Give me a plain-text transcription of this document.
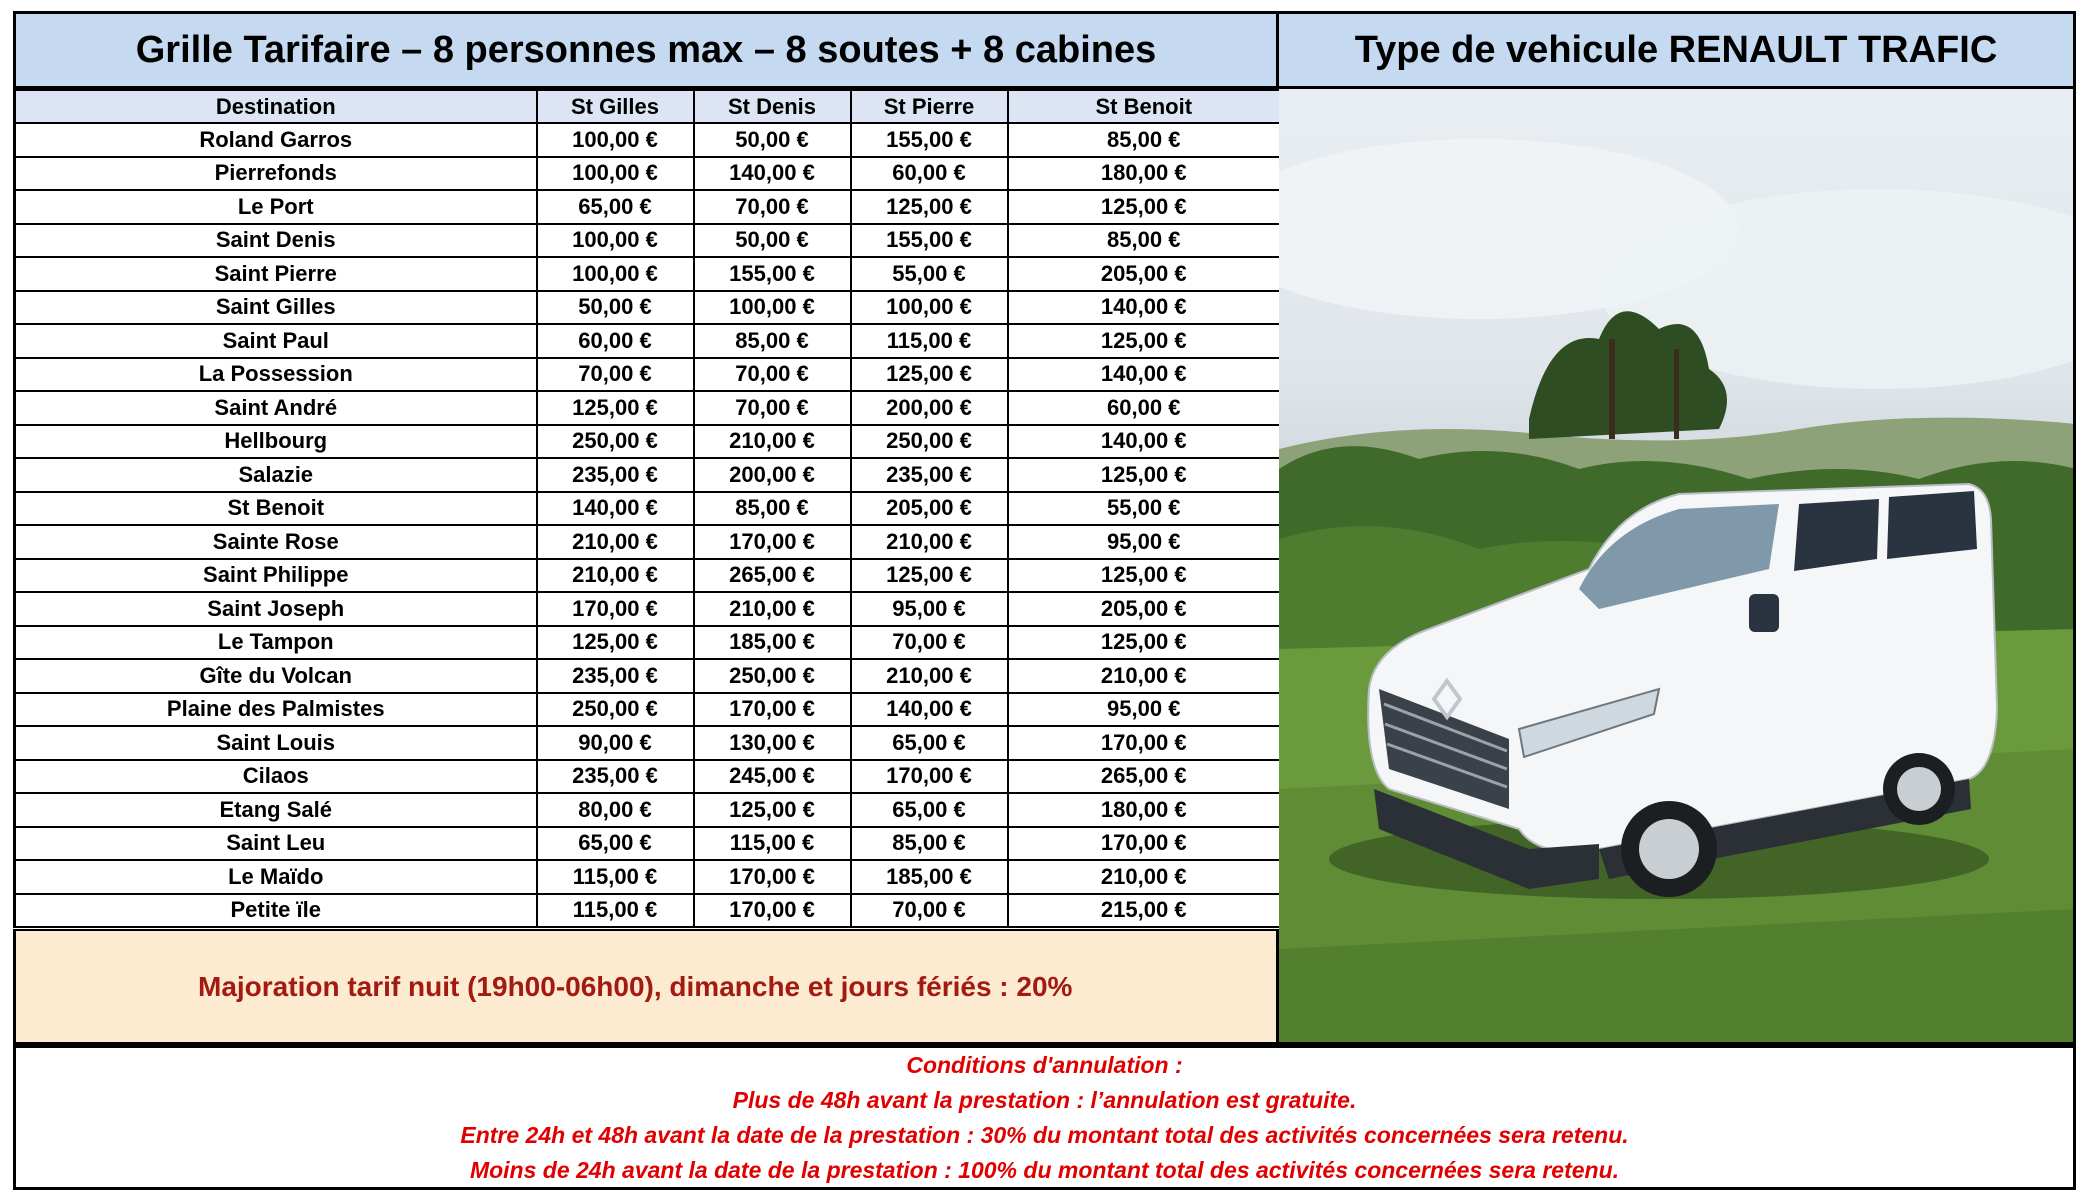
Grille Tarifaire – 8 personnes max – 8 soutes + 8 cabines	Type de vehicule RENAULT TRAFIC
Destination	St Gilles	St Denis	St Pierre	St Benoit
Roland Garros	100,00 €	50,00 €	155,00 €	85,00 €
Pierrefonds	100,00 €	140,00 €	60,00 €	180,00 €
Le Port	65,00 €	70,00 €	125,00 €	125,00 €
Saint Denis	100,00 €	50,00 €	155,00 €	85,00 €
Saint Pierre	100,00 €	155,00 €	55,00 €	205,00 €
Saint Gilles	50,00 €	100,00 €	100,00 €	140,00 €
Saint Paul	60,00 €	85,00 €	115,00 €	125,00 €
La Possession	70,00 €	70,00 €	125,00 €	140,00 €
Saint André	125,00 €	70,00 €	200,00 €	60,00 €
Hellbourg	250,00 €	210,00 €	250,00 €	140,00 €
Salazie	235,00 €	200,00 €	235,00 €	125,00 €
St Benoit	140,00 €	85,00 €	205,00 €	55,00 €
Sainte Rose	210,00 €	170,00 €	210,00 €	95,00 €
Saint Philippe	210,00 €	265,00 €	125,00 €	125,00 €
Saint Joseph	170,00 €	210,00 €	95,00 €	205,00 €
Le Tampon	125,00 €	185,00 €	70,00 €	125,00 €
Gîte du Volcan	235,00 €	250,00 €	210,00 €	210,00 €
Plaine des Palmistes	250,00 €	170,00 €	140,00 €	95,00 €
Saint Louis	90,00 €	130,00 €	65,00 €	170,00 €
Cilaos	235,00 €	245,00 €	170,00 €	265,00 €
Etang Salé	80,00 €	125,00 €	65,00 €	180,00 €
Saint Leu	65,00 €	115,00 €	85,00 €	170,00 €
Le Maïdo	115,00 €	170,00 €	185,00 €	210,00 €
Petite ïle	115,00 €	170,00 €	70,00 €	215,00 €
Majoration tarif nuit (19h00-06h00), dimanche et jours fériés : 20%
Conditions d'annulation :
Plus de 48h avant la prestation : l’annulation est gratuite.
Entre 24h et 48h avant la date de la prestation : 30% du montant total des activités concernées sera retenu.
Moins de 24h avant la date de la prestation : 100% du montant total des activités concernées sera retenu.
